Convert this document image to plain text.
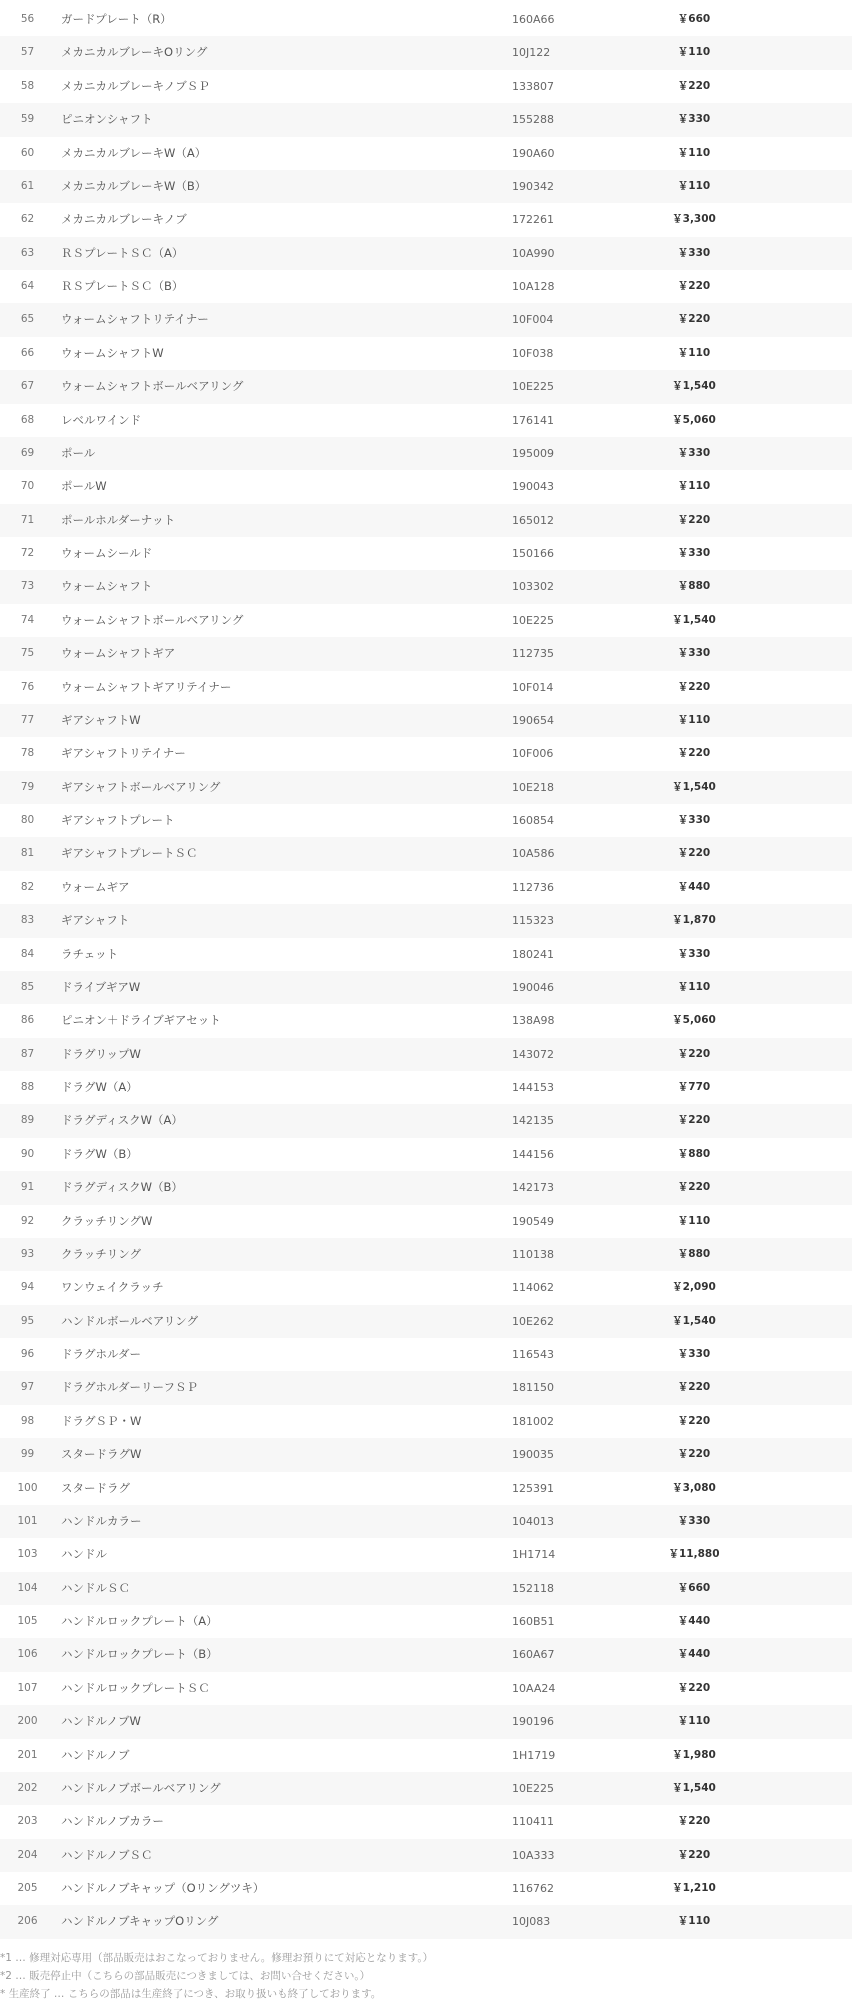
56	ガードプレート（R）	160A66	￥660
57	メカニカルブレーキOリング	10J122	￥110
58	メカニカルブレーキノブＳＰ	133807	￥220
59	ピニオンシャフト	155288	￥330
60	メカニカルブレーキW（A）	190A60	￥110
61	メカニカルブレーキW（B）	190342	￥110
62	メカニカルブレーキノブ	172261	￥3,300
63	ＲＳプレートＳＣ（A）	10A990	￥330
64	ＲＳプレートＳＣ（B）	10A128	￥220
65	ウォームシャフトリテイナー	10F004	￥220
66	ウォームシャフトW	10F038	￥110
67	ウォームシャフトボールベアリング	10E225	￥1,540
68	レベルワインド	176141	￥5,060
69	ポール	195009	￥330
70	ポールW	190043	￥110
71	ポールホルダーナット	165012	￥220
72	ウォームシールド	150166	￥330
73	ウォームシャフト	103302	￥880
74	ウォームシャフトボールベアリング	10E225	￥1,540
75	ウォームシャフトギア	112735	￥330
76	ウォームシャフトギアリテイナー	10F014	￥220
77	ギアシャフトW	190654	￥110
78	ギアシャフトリテイナー	10F006	￥220
79	ギアシャフトボールベアリング	10E218	￥1,540
80	ギアシャフトプレート	160854	￥330
81	ギアシャフトプレートＳＣ	10A586	￥220
82	ウォームギア	112736	￥440
83	ギアシャフト	115323	￥1,870
84	ラチェット	180241	￥330
85	ドライブギアW	190046	￥110
86	ピニオン＋ドライブギアセット	138A98	￥5,060
87	ドラグリップW	143072	￥220
88	ドラグW（A）	144153	￥770
89	ドラグディスクW（A）	142135	￥220
90	ドラグW（B）	144156	￥880
91	ドラグディスクW（B）	142173	￥220
92	クラッチリングW	190549	￥110
93	クラッチリング	110138	￥880
94	ワンウェイクラッチ	114062	￥2,090
95	ハンドルボールベアリング	10E262	￥1,540
96	ドラグホルダー	116543	￥330
97	ドラグホルダーリーフＳＰ	181150	￥220
98	ドラグＳＰ・W	181002	￥220
99	スタードラグW	190035	￥220
100	スタードラグ	125391	￥3,080
101	ハンドルカラー	104013	￥330
103	ハンドル	1H1714	￥11,880
104	ハンドルＳＣ	152118	￥660
105	ハンドルロックプレート（A）	160B51	￥440
106	ハンドルロックプレート（B）	160A67	￥440
107	ハンドルロックプレートＳＣ	10AA24	￥220
200	ハンドルノブW	190196	￥110
201	ハンドルノブ	1H1719	￥1,980
202	ハンドルノブボールベアリング	10E225	￥1,540
203	ハンドルノブカラー	110411	￥220
204	ハンドルノブＳＣ	10A333	￥220
205	ハンドルノブキャップ（Oリングツキ）	116762	￥1,210
206	ハンドルノブキャップOリング	10J083	￥110
*1 … 修理対応専用（部品販売はおこなっておりません。修理お預りにて対応となります。）
*2 … 販売停止中（こちらの部品販売につきましては、お問い合せください。）
* 生産終了 … こちらの部品は生産終了につき、お取り扱いも終了しております。
